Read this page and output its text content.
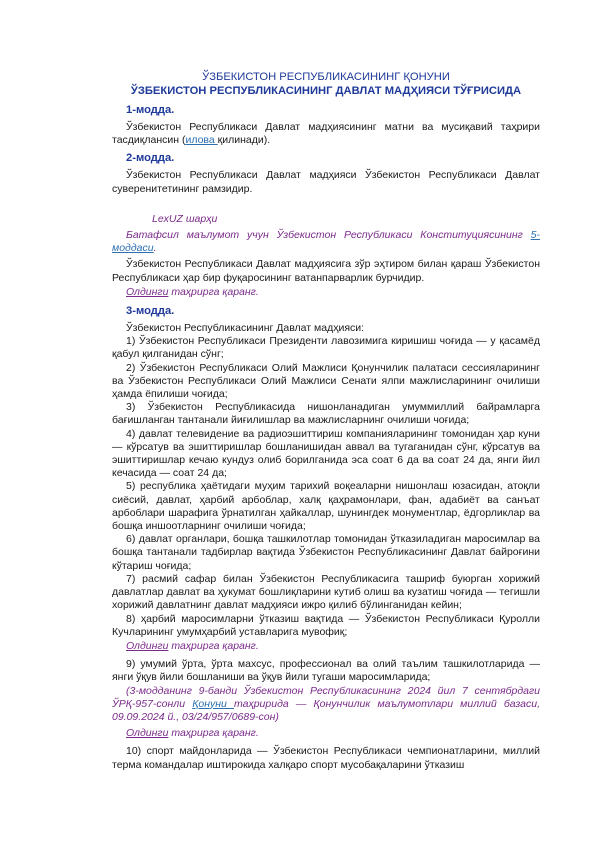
ЎЗБЕКИСТОН РЕСПУБЛИКАСИНИНГ ҚОНУНИ
ЎЗБЕКИСТОН РЕСПУБЛИКАСИНИНГ ДАВЛАТ МАДҲИЯСИ ТЎҒРИСИДА
1-модда.

Ўзбекистон Республикаси Давлат мадҳиясининг матни ва мусиқавий таҳрири тасдиқлансин (илова қилинади).

2-модда.

Ўзбекистон Республикаси Давлат мадҳияси Ўзбекистон Республикаси Давлат суверенитетининг рамзидир.

LexUZ шарҳи
Батафсил маълумот учун Ўзбекистон Республикаси Конституциясининг 5-моддаси.

Ўзбекистон Республикаси Давлат мадҳиясига зўр эҳтиром билан қараш Ўзбекистон Республикаси ҳар бир фуқаросининг ватанпарварлик бурчидир.

Олдинги таҳрирга қаранг.
3-модда.

Ўзбекистон Республикасининг Давлат мадҳияси:

1) Ўзбекистон Республикаси Президенти лавозимига киришиш чоғида — у қасамёд қабул қилганидан сўнг;

2) Ўзбекистон Республикаси Олий Мажлиси Қонунчилик палатаси сессияларининг ва Ўзбекистон Республикаси Олий Мажлиси Сенати ялпи мажлисларининг очилиши ҳамда ёпилиши чоғида;

3) Ўзбекистон Республикасида нишонланадиган умуммиллий байрамларга бағишланган тантанали йиғилишлар ва мажлисларнинг очилиши чоғида;

4) давлат телевидение ва радиоэшиттириш компанияларининг томонидан ҳар куни — кўрсатув ва эшиттиришлар бошланишидан аввал ва тугаганидан сўнг, кўрсатув ва эшиттиришлар кечаю кундуз олиб борилганида эса соат 6 да ва соат 24 да, янги йил кечасида — соат 24 да;

5) республика ҳаётидаги муҳим тарихий воқеаларни нишонлаш юзасидан, атоқли сиёсий, давлат, ҳарбий арбоблар, халқ қаҳрамонлари, фан, адабиёт ва санъат арбоблари шарафига ўрнатилган ҳайкаллар, шунингдек монументлар, ёдгорликлар ва бошқа иншоотларнинг очилиши чоғида;

6) давлат органлари, бошқа ташкилотлар томонидан ўтказиладиган маросимлар ва бошқа тантанали тадбирлар вақтида Ўзбекистон Республикасининг Давлат байроғини кўтариш чоғида;

7) расмий сафар билан Ўзбекистон Республикасига ташриф буюрган хорижий давлатлар давлат ва ҳукумат бошлиқларини кутиб олиш ва кузатиш чоғида — тегишли хорижий давлатнинг давлат мадҳияси ижро қилиб бўлинганидан кейин;

8) ҳарбий маросимларни ўтказиш вақтида — Ўзбекистон Республикаси Қуролли Кучларининг умумҳарбий уставларига мувофиқ;

Олдинги таҳрирга қаранг.

9) умумий ўрта, ўрта махсус, профессионал ва олий таълим ташкилотларида — янги ўқув йили бошланиши ва ўқув йили тугаши маросимларида;

(3-модданинг 9-банди Ўзбекистон Республикасининг 2024 йил 7 сентябрдаги ЎРҚ-957-сонли Қонуни таҳририда — Қонунчилик маълумотлари миллий базаси, 09.09.2024 й., 03/24/957/0689-сон)
Олдинги таҳрирга қаранг.

10) спорт майдонларида — Ўзбекистон Республикаси чемпионатларини, миллий терма командалар иштирокида халқаро спорт мусобақаларини ўтказиш
